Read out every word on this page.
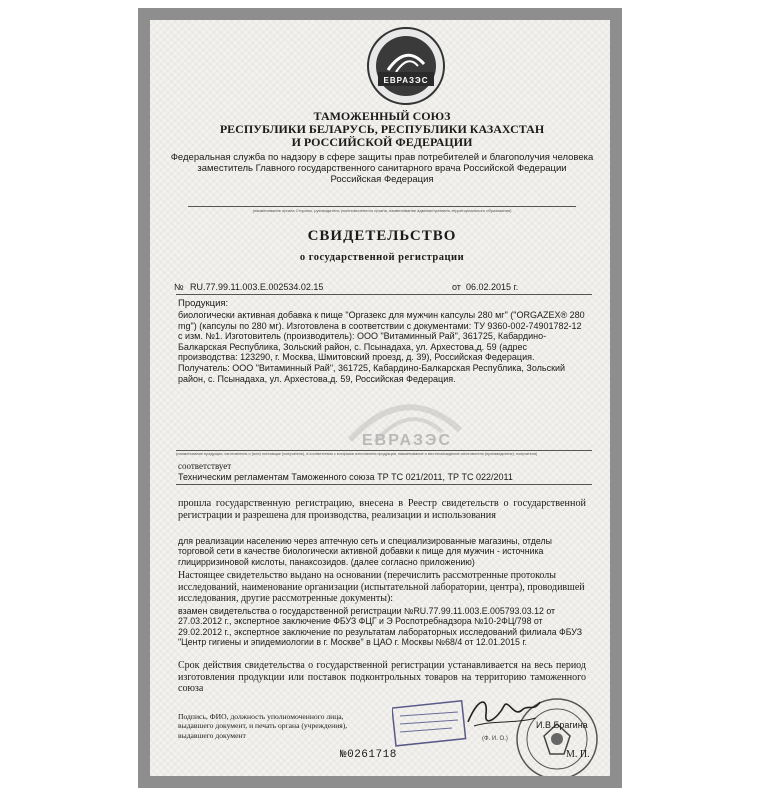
ЕВРАЗЭС
ТАМОЖЕННЫЙ СОЮЗ
РЕСПУБЛИКИ БЕЛАРУСЬ, РЕСПУБЛИКИ КАЗАХСТАН
И РОССИЙСКОЙ ФЕДЕРАЦИИ
Федеральная служба по надзору в сфере защиты прав потребителей и благополучия человека
заместитель Главного государственного санитарного врача Российской Федерации
Российская Федерация
(наименование органа Стороны, руководитель уполномоченного органа, наименование административно-территориального образования)
СВИДЕТЕЛЬСТВО
о государственной регистрации
№ RU.77.99.11.003.Е.002534.02.15	от 06.02.2015 г.
Продукция:
биологически активная добавка к пище "Оргазекс для мужчин капсулы 280 мг" ("ORGAZEX® 280 mg") (капсулы по 280 мг). Изготовлена в соответствии с документами: ТУ 9360-002-74901782-12 с изм. №1. Изготовитель (производитель): ООО "Витаминный Рай", 361725, Кабардино-Балкарская Республика, Зольский район, с. Псынадаха, ул. Архестова,д. 59 (адрес производства: 123290, г. Москва, Шмитовский проезд, д. 39), Российская Федерация. Получатель: ООО "Витаминный Рай", 361725, Кабардино-Балкарская Республика, Зольский район, с. Псынадаха, ул. Архестова,д. 59, Российская Федерация.
ЕВРАЗЭС
(наименование продукции, изготовитель и (или) поставщик (получатель), в соответствии с которыми изготовлена продукция, наименование и местонахождение изготовителя (производителя), получателя)
соответствует
Техническим регламентам Таможенного союза ТР ТС 021/2011, ТР ТС 022/2011
прошла государственную регистрацию, внесена в Реестр свидетельств о государственной регистрации и разрешена для производства, реализации и использования
для реализации населению через аптечную сеть и специализированные магазины, отделы торговой сети в качестве биологически активной добавки к пище для мужчин - источника глицирризиновой кислоты, панаксозидов. (далее согласно приложению)
Настоящее свидетельство выдано на основании (перечислить рассмотренные протоколы исследований, наименование организации (испытательной лаборатории, центра), проводившей исследования, другие рассмотренные документы):
взамен свидетельства о государственной регистрации №RU.77.99.11.003.Е.005793.03.12 от 27.03.2012 г., экспертное заключение ФБУЗ ФЦГ и Э Роспотребнадзора №10-2ФЦ/798 от 29.02.2012 г., экспертное заключение по результатам лабораторных исследований филиала ФБУЗ "Центр гигиены и эпидемиологии в г. Москве" в ЦАО г. Москвы №68/4 от 12.01.2015 г.
Срок действия свидетельства о государственной регистрации устанавливается на весь период изготовления продукции или поставок подконтрольных товаров на территорию таможенного союза
Подпись, ФИО, должность уполномоченного лица, выдавшего документ, и печать органа (учреждения), выдавшего документ
И.В.Брагина
(Ф. И. О.)
№0261718	М. П.
